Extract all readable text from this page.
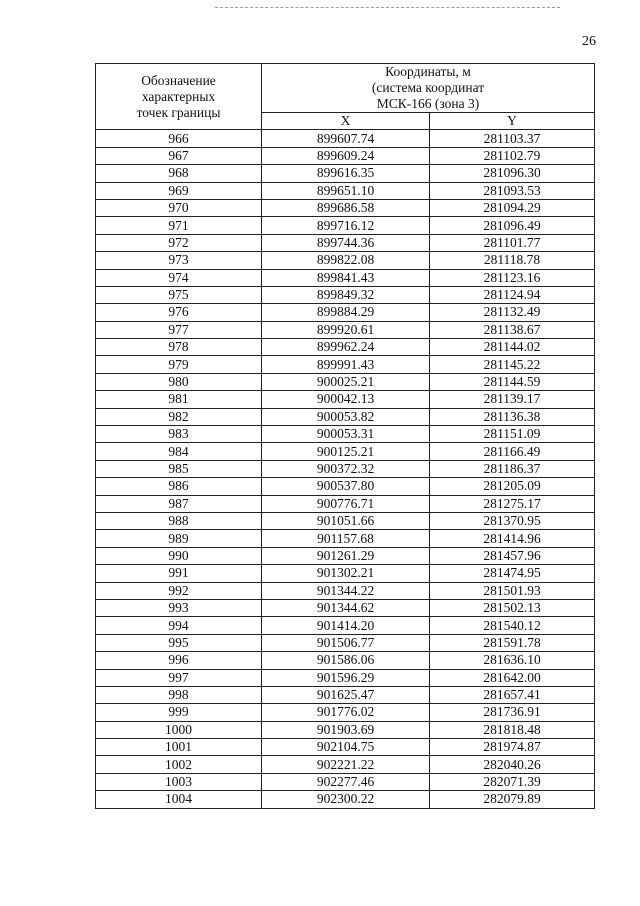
26
Обозначение
характерных
точек границы	Координаты, м
(система координат
МСК-166 (зона 3)	

	X	Y
966	899607.74	281103.37
967	899609.24	281102.79
968	899616.35	281096.30
969	899651.10	281093.53
970	899686.58	281094.29
971	899716.12	281096.49
972	899744.36	281101.77
973	899822.08	281118.78
974	899841.43	281123.16
975	899849.32	281124.94
976	899884.29	281132.49
977	899920.61	281138.67
978	899962.24	281144.02
979	899991.43	281145.22
980	900025.21	281144.59
981	900042.13	281139.17
982	900053.82	281136.38
983	900053.31	281151.09
984	900125.21	281166.49
985	900372.32	281186.37
986	900537.80	281205.09
987	900776.71	281275.17
988	901051.66	281370.95
989	901157.68	281414.96
990	901261.29	281457.96
991	901302.21	281474.95
992	901344.22	281501.93
993	901344.62	281502.13
994	901414.20	281540.12
995	901506.77	281591.78
996	901586.06	281636.10
997	901596.29	281642.00
998	901625.47	281657.41
999	901776.02	281736.91
1000	901903.69	281818.48
1001	902104.75	281974.87
1002	902221.22	282040.26
1003	902277.46	282071.39
1004	902300.22	282079.89
